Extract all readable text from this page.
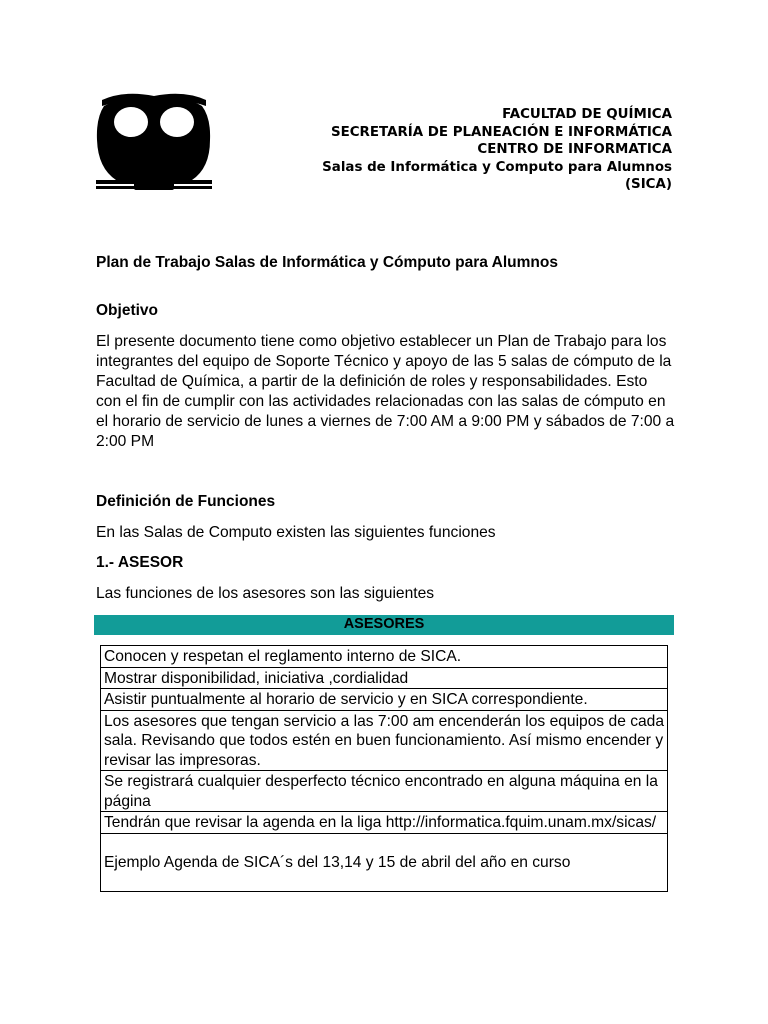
FACULTAD DE QUÍMICA
SECRETARÍA DE PLANEACIÓN E INFORMÁTICA
CENTRO DE INFORMATICA
Salas de Informática y Computo para Alumnos
(SICA)
Plan de Trabajo Salas de Informática y Cómputo para Alumnos
Objetivo
El presente documento tiene como objetivo establecer un Plan de Trabajo para los integrantes del equipo de Soporte Técnico y apoyo de las 5 salas de cómputo de la Facultad de Química, a partir de la definición de roles y responsabilidades. Esto con el fin de cumplir con las actividades relacionadas con las salas de cómputo en el horario de servicio de lunes a viernes de 7:00 AM a 9:00 PM y sábados de 7:00 a 2:00 PM
Definición de Funciones
En las Salas de Computo existen las siguientes funciones
1.- ASESOR
Las funciones de los asesores son las siguientes
ASESORES
Conocen y respetan el reglamento interno de SICA.
Mostrar disponibilidad, iniciativa ,cordialidad
Asistir puntualmente al horario de servicio y en SICA correspondiente.
Los asesores que tengan servicio a las 7:00 am encenderán los equipos de cada sala. Revisando que todos estén en buen funcionamiento. Así mismo encender y revisar las impresoras.
Se registrará cualquier desperfecto técnico encontrado en alguna máquina en la página
Tendrán que revisar la agenda en la liga http://informatica.fquim.unam.mx/sicas/
Ejemplo Agenda de SICA´s del 13,14 y 15 de abril del año en curso
